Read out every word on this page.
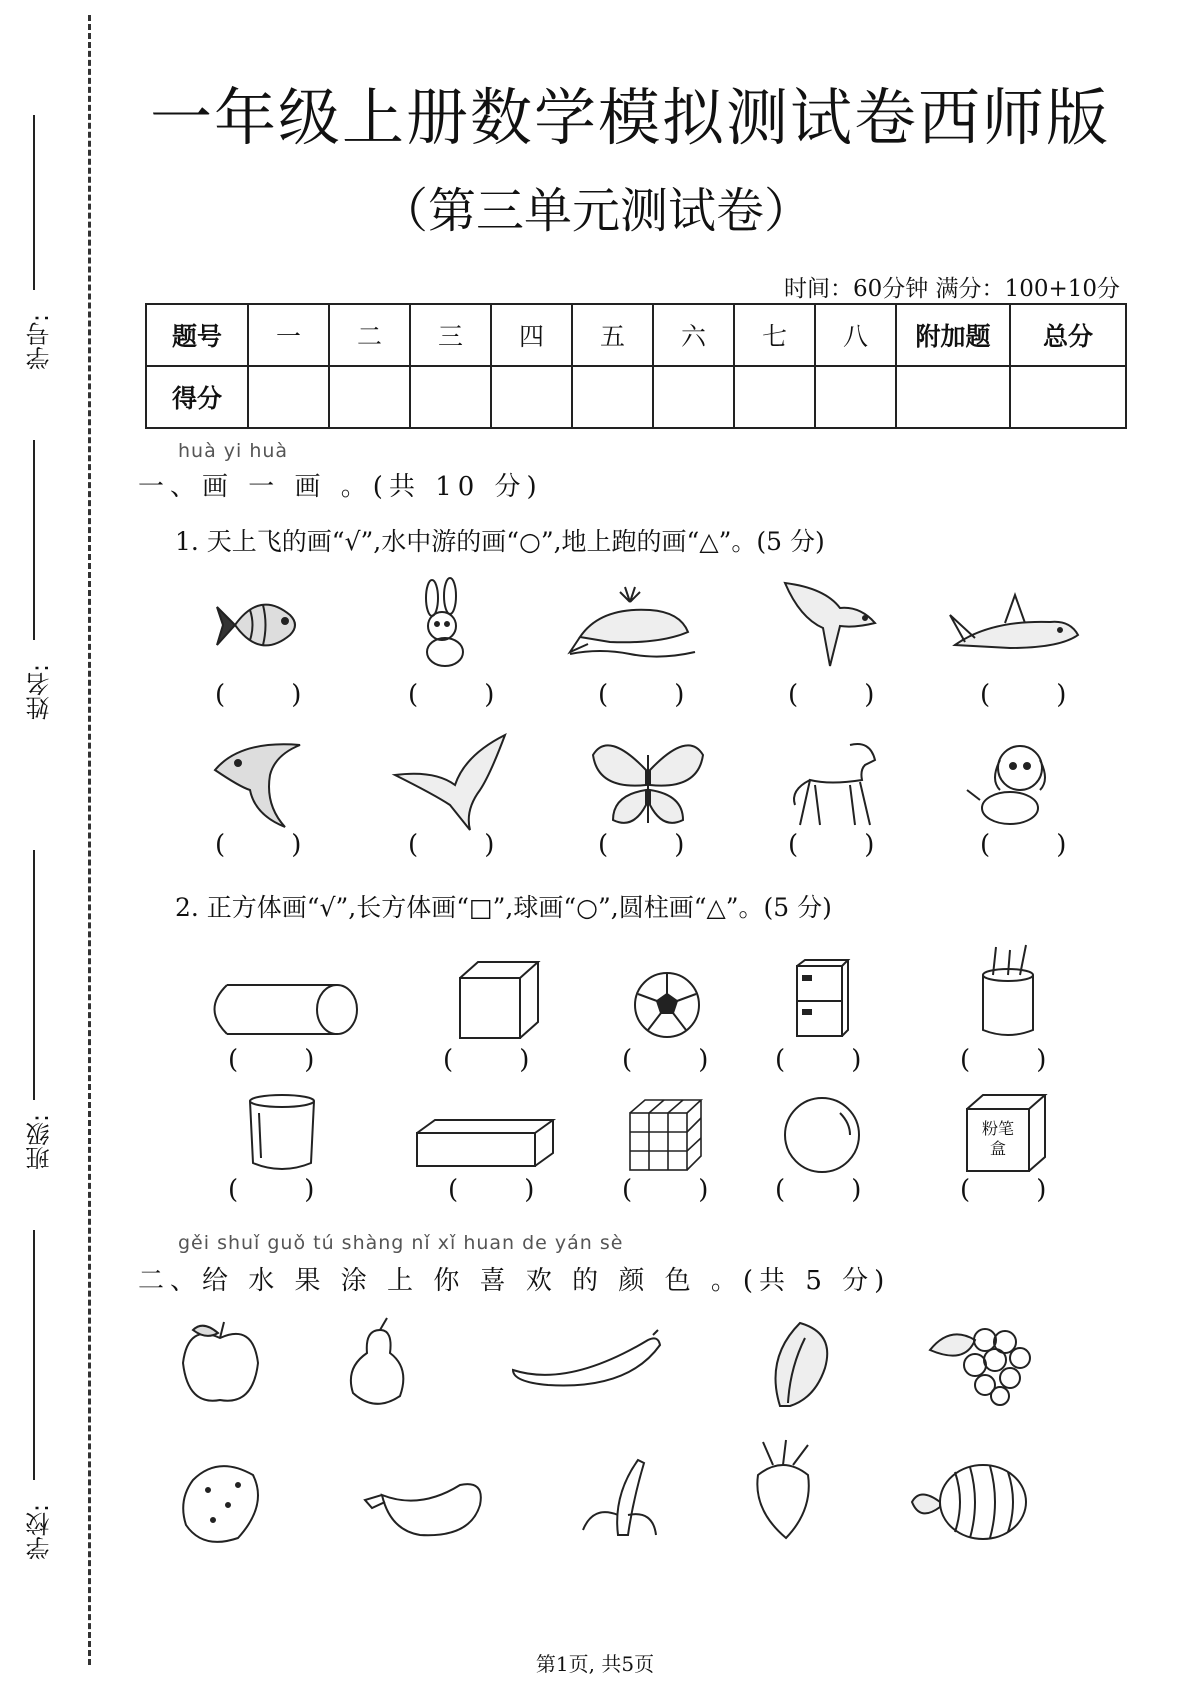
学号:
姓名:
班级:
学校:
一年级上册数学模拟测试卷西师版
（第三单元测试卷）
时间：60分钟 满分：100+10分
题号	一	二	三	四	五	六	七	八	附加题	总分
得分										
huà yi huà
一、画 一 画 。(共 10 分)
1. 天上飞的画“√”,水中游的画“○”,地上跑的画“△”。(5 分)
(        )	(        )	(        )	(        )	(        )
(        )	(        )	(        )	(        )	(        )
2. 正方体画“√”,长方体画“□”,球画“○”,圆柱画“△”。(5 分)
(        )	(        )	(        )	(        )	(        )
粉笔盒
(        )	(        )	(        )	(        )	(        )
gěi shuǐ guǒ tú shàng nǐ xǐ huan de yán sè
二、给 水 果 涂 上 你 喜 欢 的 颜 色 。(共 5 分)
第1页, 共5页
